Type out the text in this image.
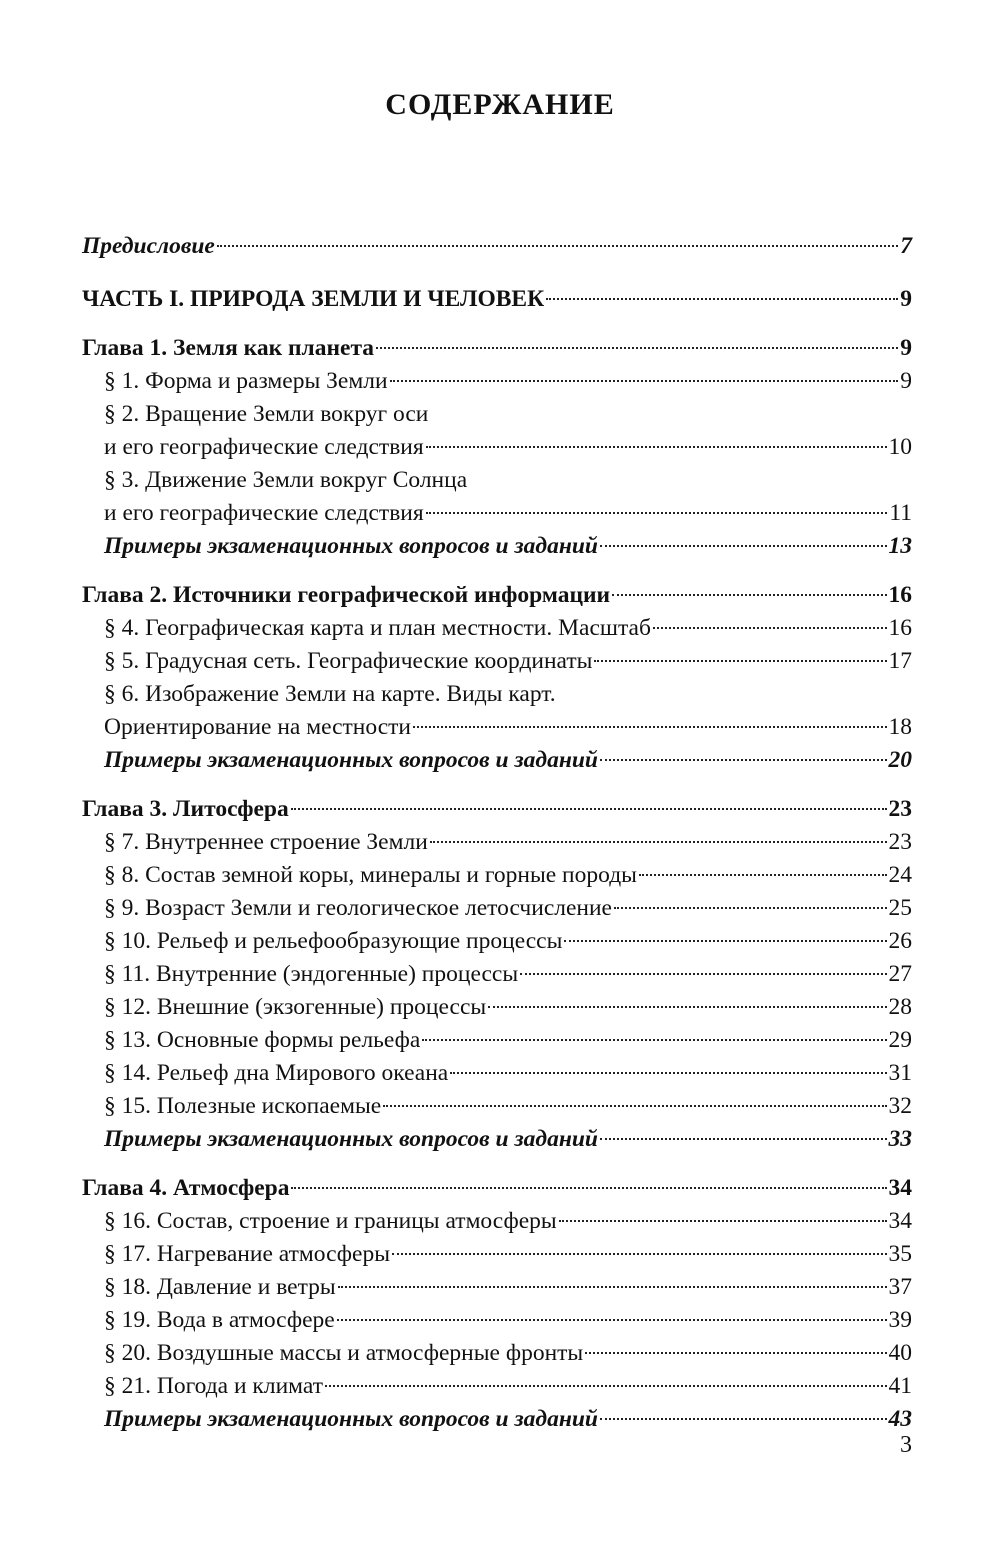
СОДЕРЖАНИЕ
Предисловие	7
ЧАСТЬ I. ПРИРОДА ЗЕМЛИ И ЧЕЛОВЕК	9
Глава 1. Земля как планета	9
§ 1. Форма и размеры Земли	9
§ 2. Вращение Земли вокруг оси
и его географические следствия	10
§ 3. Движение Земли вокруг Солнца
и его географические следствия	11
Примеры экзаменационных вопросов и заданий	13
Глава 2. Источники географической информации	16
§ 4. Географическая карта и план местности. Масштаб	16
§ 5. Градусная сеть. Географические координаты	17
§ 6. Изображение Земли на карте. Виды карт.
Ориентирование на местности	18
Примеры экзаменационных вопросов и заданий	20
Глава 3. Литосфера	23
§ 7. Внутреннее строение Земли	23
§ 8. Состав земной коры, минералы и горные породы	24
§ 9. Возраст Земли и геологическое летосчисление	25
§ 10. Рельеф и рельефообразующие процессы	26
§ 11. Внутренние (эндогенные) процессы	27
§ 12. Внешние (экзогенные) процессы	28
§ 13. Основные формы рельефа	29
§ 14. Рельеф дна Мирового океана	31
§ 15. Полезные ископаемые	32
Примеры экзаменационных вопросов и заданий	33
Глава 4. Атмосфера	34
§ 16. Состав, строение и границы атмосферы	34
§ 17. Нагревание атмосферы	35
§ 18. Давление и ветры	37
§ 19. Вода в атмосфере	39
§ 20. Воздушные массы и атмосферные фронты	40
§ 21. Погода и климат	41
Примеры экзаменационных вопросов и заданий	43
3
